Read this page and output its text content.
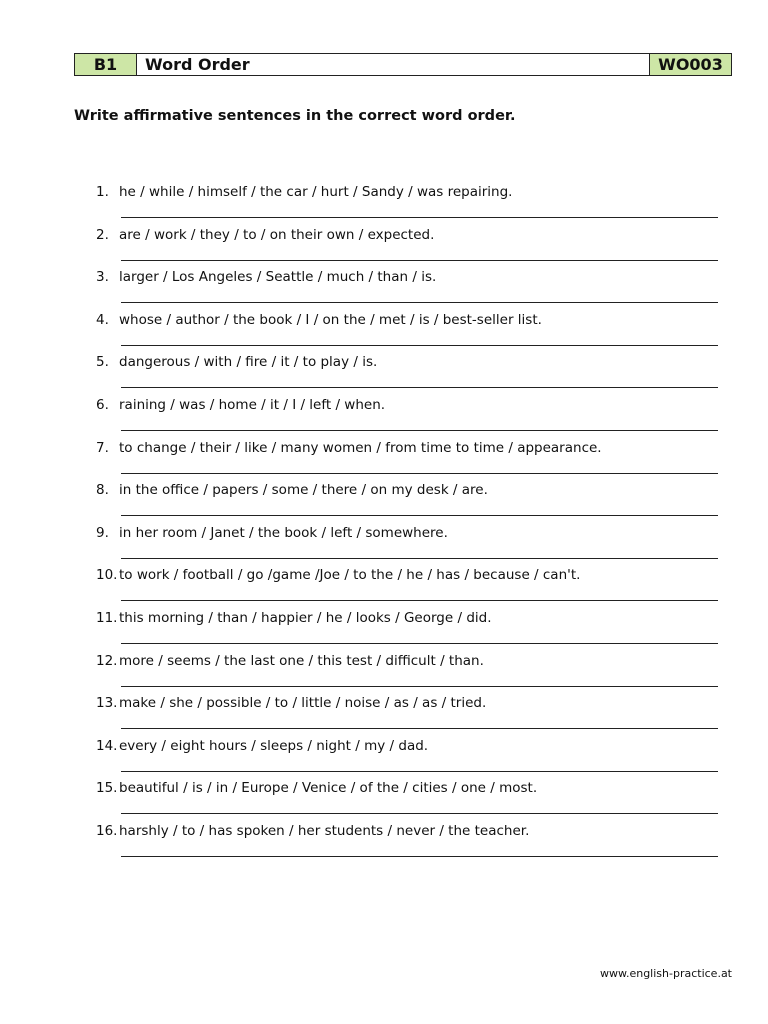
B1	Word Order	WO003
Write affirmative sentences in the correct word order.
1. he / while / himself / the car / hurt / Sandy / was repairing.
2. are / work / they / to / on their own / expected.
3. larger / Los Angeles / Seattle / much / than / is.
4. whose / author / the book / I / on the / met / is / best-seller list.
5. dangerous / with / fire / it / to play / is.
6. raining / was / home / it / I / left / when.
7. to change / their / like / many women / from time to time / appearance.
8. in the office / papers / some / there / on my desk / are.
9. in her room / Janet / the book / left / somewhere.
10. to work / football / go /game /Joe / to the / he / has / because / can't.
11. this morning / than / happier / he / looks / George / did.
12. more / seems / the last one / this test / difficult / than.
13. make / she / possible / to / little / noise / as / as / tried.
14. every / eight hours / sleeps / night / my / dad.
15. beautiful / is / in / Europe / Venice / of the / cities / one / most.
16. harshly / to / has spoken / her students / never / the teacher.
www.english-practice.at
